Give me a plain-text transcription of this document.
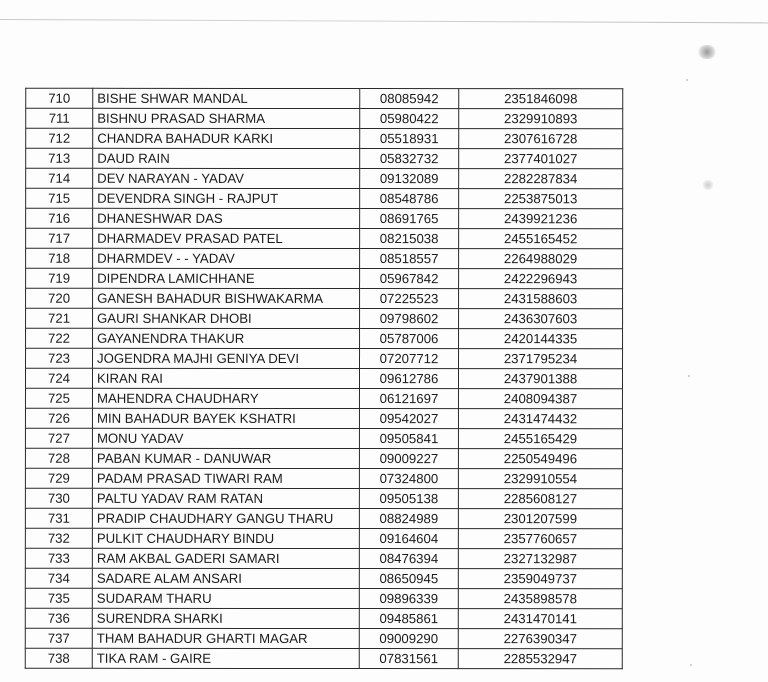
710	BISHE SHWAR MANDAL	08085942	2351846098
711	BISHNU PRASAD SHARMA	05980422	2329910893
712	CHANDRA BAHADUR KARKI	05518931	2307616728
713	DAUD RAIN	05832732	2377401027
714	DEV NARAYAN - YADAV	09132089	2282287834
715	DEVENDRA SINGH - RAJPUT	08548786	2253875013
716	DHANESHWAR DAS	08691765	2439921236
717	DHARMADEV PRASAD PATEL	08215038	2455165452
718	DHARMDEV - - YADAV	08518557	2264988029
719	DIPENDRA LAMICHHANE	05967842	2422296943
720	GANESH BAHADUR BISHWAKARMA	07225523	2431588603
721	GAURI SHANKAR DHOBI	09798602	2436307603
722	GAYANENDRA THAKUR	05787006	2420144335
723	JOGENDRA MAJHI GENIYA DEVI	07207712	2371795234
724	KIRAN RAI	09612786	2437901388
725	MAHENDRA CHAUDHARY	06121697	2408094387
726	MIN BAHADUR BAYEK KSHATRI	09542027	2431474432
727	MONU YADAV	09505841	2455165429
728	PABAN KUMAR - DANUWAR	09009227	2250549496
729	PADAM PRASAD TIWARI RAM	07324800	2329910554
730	PALTU YADAV RAM RATAN	09505138	2285608127
731	PRADIP CHAUDHARY GANGU THARU	08824989	2301207599
732	PULKIT CHAUDHARY BINDU	09164604	2357760657
733	RAM AKBAL GADERI SAMARI	08476394	2327132987
734	SADARE ALAM ANSARI	08650945	2359049737
735	SUDARAM THARU	09896339	2435898578
736	SURENDRA SHARKI	09485861	2431470141
737	THAM BAHADUR GHARTI MAGAR	09009290	2276390347
738	TIKA RAM - GAIRE	07831561	2285532947
